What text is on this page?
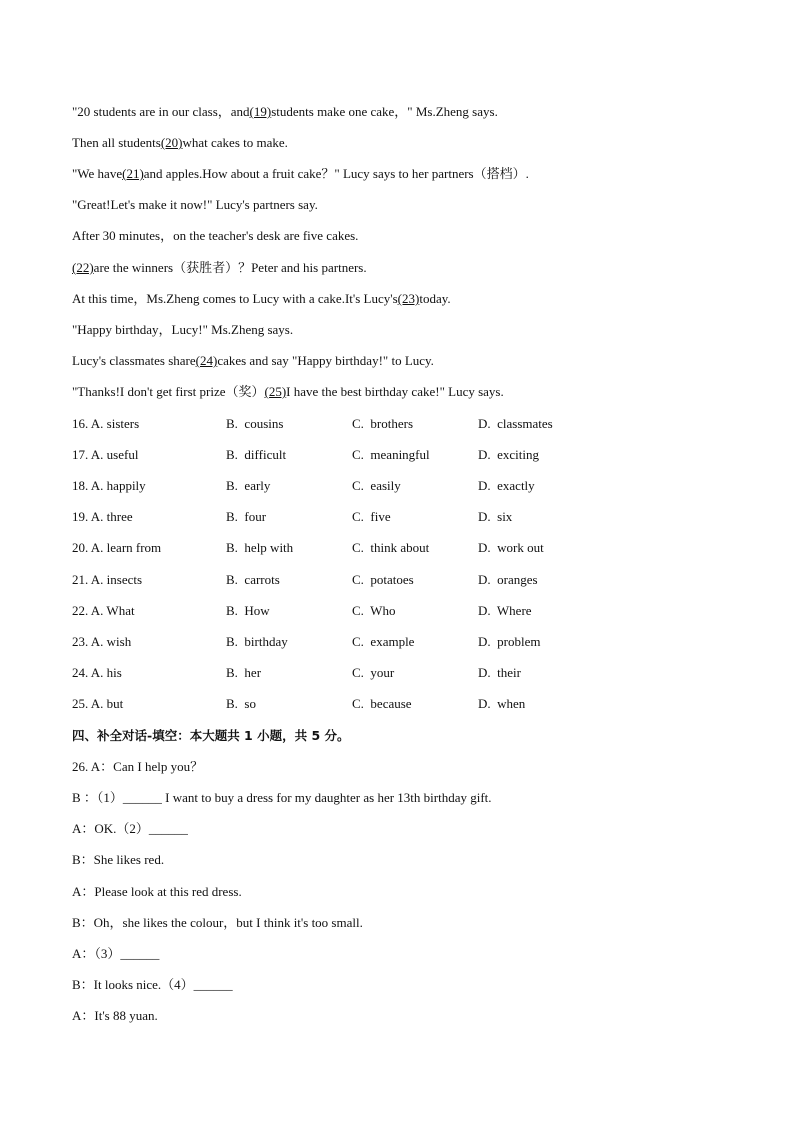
"20 students are in our class，and(19)students make one cake，" Ms.Zheng says.
Then all students(20)what cakes to make.
"We have(21)and apples.How about a fruit cake？" Lucy says to her partners（搭档）.
"Great!Let's make it now!" Lucy's partners say.
After 30 minutes，on the teacher's desk are five cakes.
(22)are the winners（获胜者）？Peter and his partners.
At this time，Ms.Zheng comes to Lucy with a cake.It's Lucy's(23)today.
"Happy birthday，Lucy!" Ms.Zheng says.
Lucy's classmates share(24)cakes and say "Happy birthday!" to Lucy.
"Thanks!I don't get first prize（奖）(25)I have the best birthday cake!" Lucy says.
16. A. sisters	B.  cousins	C.  brothers	D.  classmates
17. A. useful	B.  difficult	C.  meaningful	D.  exciting
18. A. happily	B.  early	C.  easily	D.  exactly
19. A. three	B.  four	C.  five	D.  six
20. A. learn from	B.  help with	C.  think about	D.  work out
21. A. insects	B.  carrots	C.  potatoes	D.  oranges
22. A. What	B.  How	C.  Who	D.  Where
23. A. wish	B.  birthday	C.  example	D.  problem
24. A. his	B.  her	C.  your	D.  their
25. A. but	B.  so	C.  because	D.  when
四、补全对话-填空：本大题共 1 小题，共 5 分。
26. A：Can I help you？
B ：（1）______ I want to buy a dress for my daughter as her 13th birthday gift.
A：OK.（2）______
B：She likes red.
A：Please look at this red dress.
B：Oh，she likes the colour，but I think it's too small.
A：（3）______
B：It looks nice.（4）______
A：It's 88 yuan.
